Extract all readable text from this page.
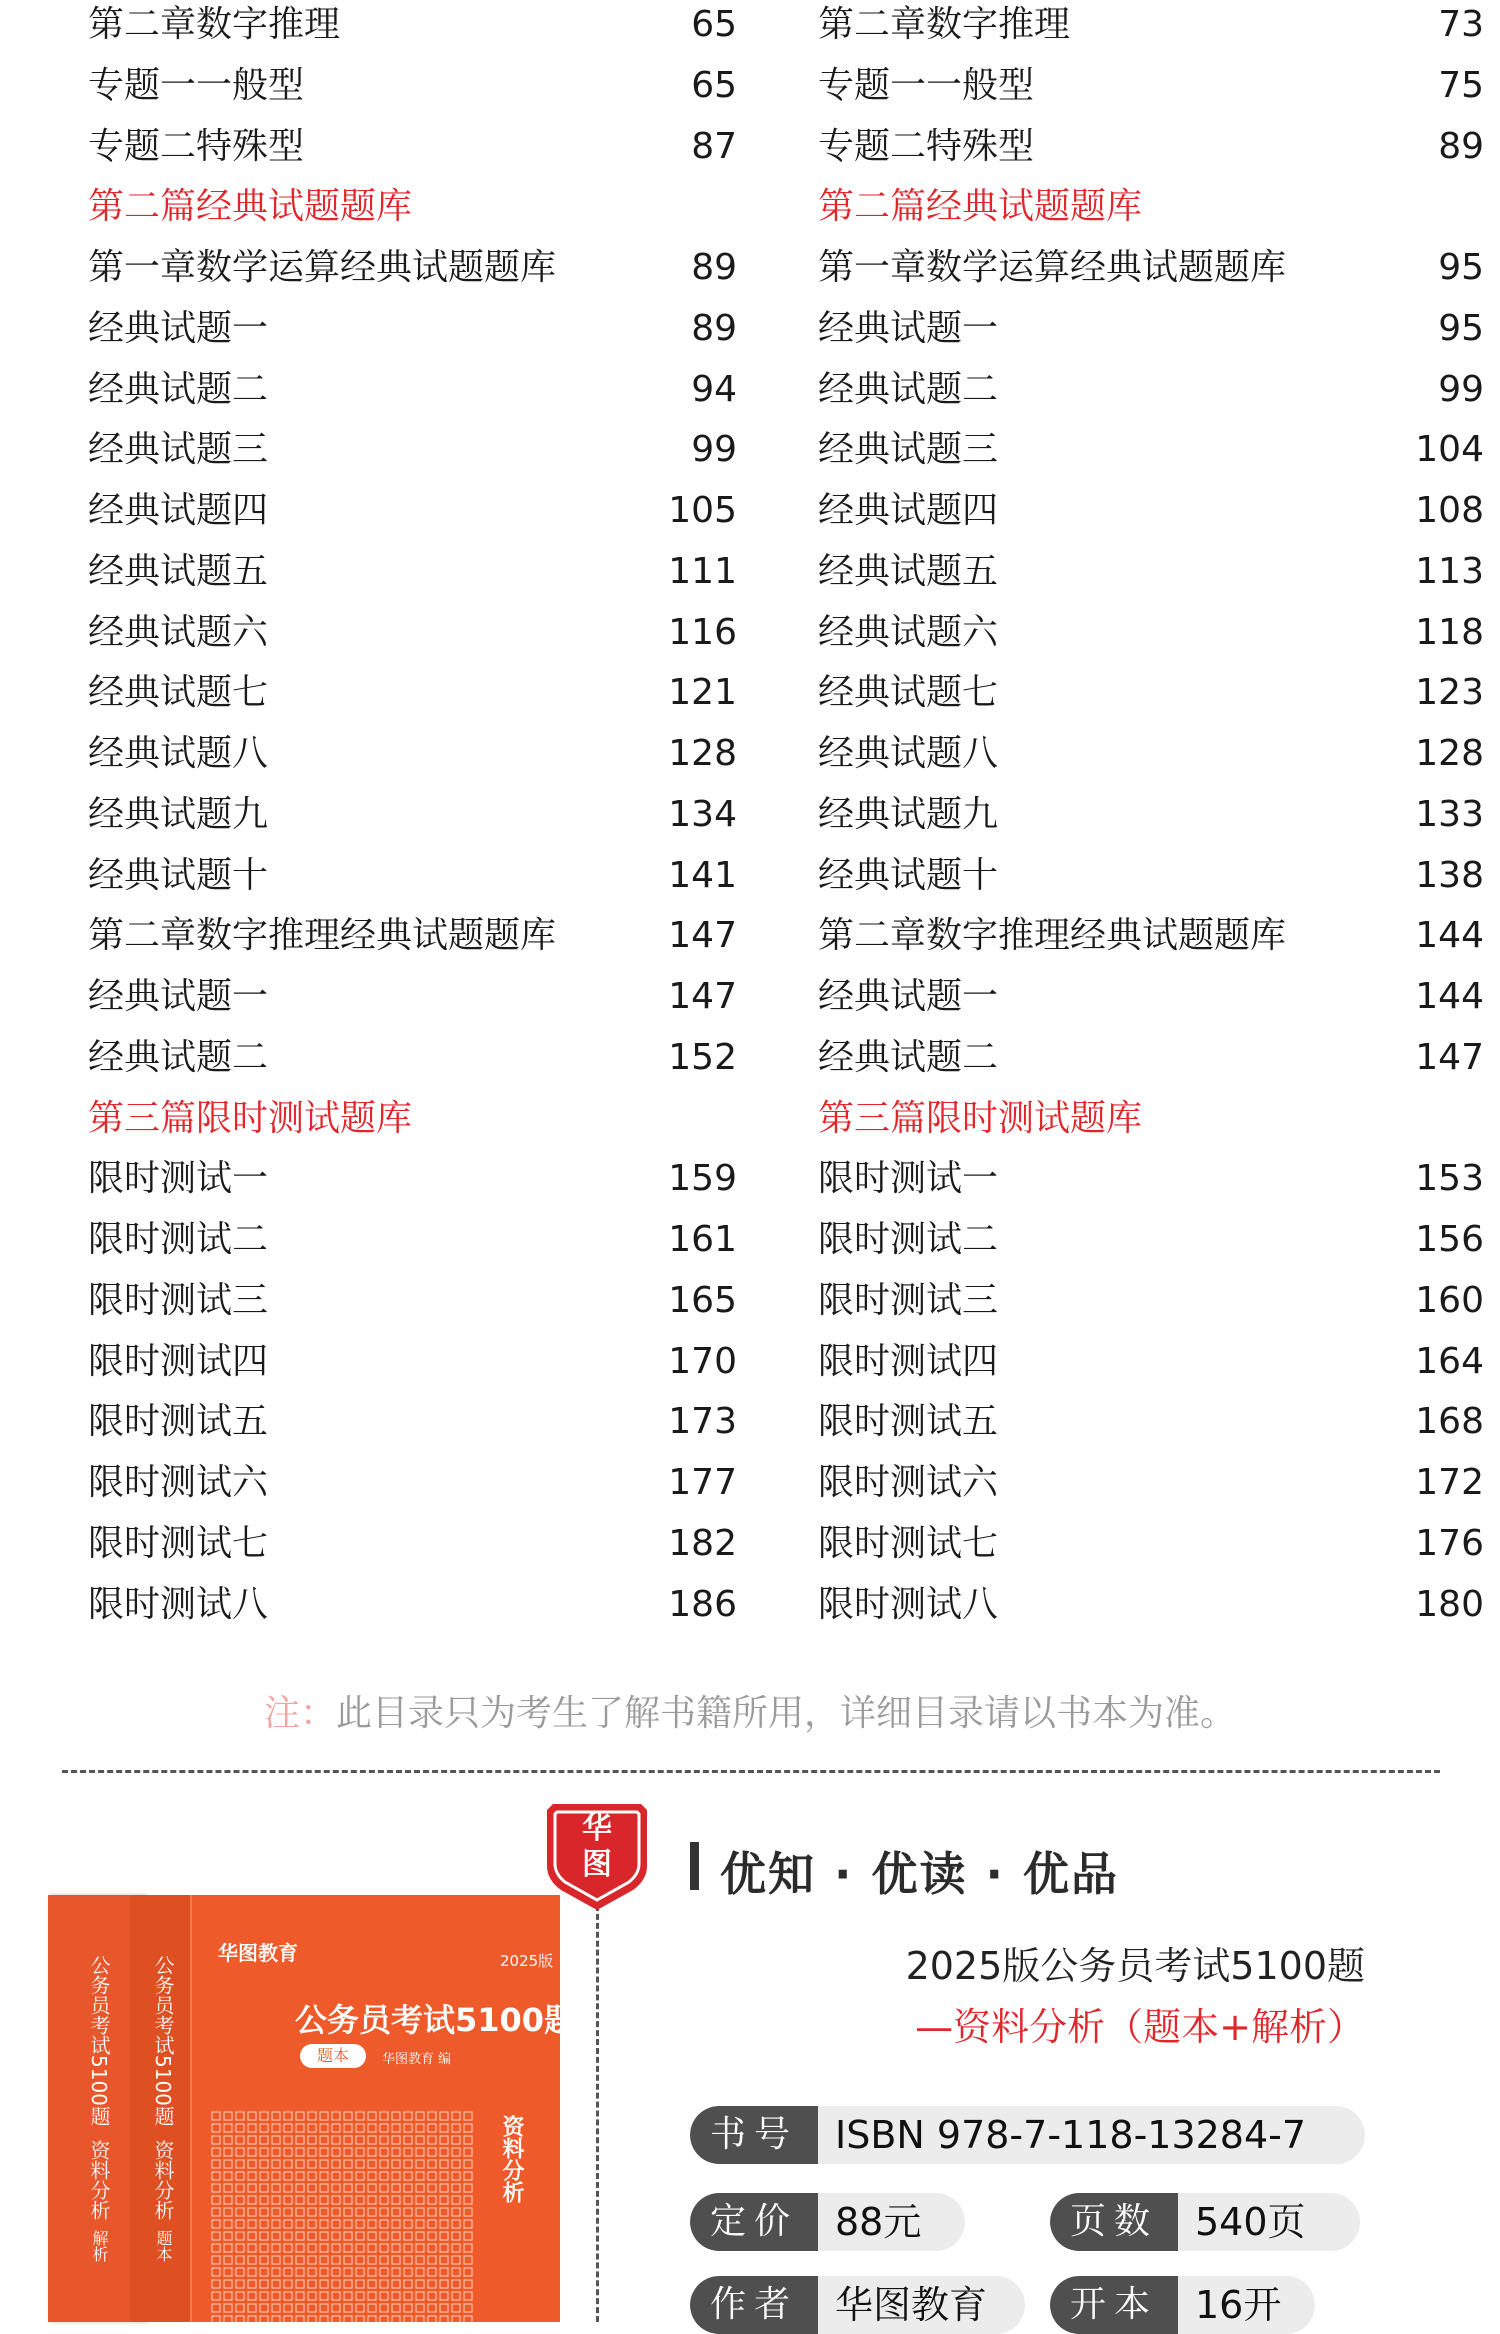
第二章数字推理	65
专题一一般型	65
专题二特殊型	87
第二篇经典试题题库
第一章数学运算经典试题题库	89
经典试题一	89
经典试题二	94
经典试题三	99
经典试题四	105
经典试题五	111
经典试题六	116
经典试题七	121
经典试题八	128
经典试题九	134
经典试题十	141
第二章数字推理经典试题题库	147
经典试题一	147
经典试题二	152
第三篇限时测试题库
限时测试一	159
限时测试二	161
限时测试三	165
限时测试四	170
限时测试五	173
限时测试六	177
限时测试七	182
限时测试八	186
第二章数字推理	73
专题一一般型	75
专题二特殊型	89
第二篇经典试题题库
第一章数学运算经典试题题库	95
经典试题一	95
经典试题二	99
经典试题三	104
经典试题四	108
经典试题五	113
经典试题六	118
经典试题七	123
经典试题八	128
经典试题九	133
经典试题十	138
第二章数字推理经典试题题库	144
经典试题一	144
经典试题二	147
第三篇限时测试题库
限时测试一	153
限时测试二	156
限时测试三	160
限时测试四	164
限时测试五	168
限时测试六	172
限时测试七	176
限时测试八	180
注：此目录只为考生了解书籍所用，详细目录请以书本为准。
公务员考试5100题
资料分析
解析
公务员考试5100题
资料分析
题本
华图教育	2025版
公务员考试5100题
题本	华图教育 编
资料分析
华
图	优知 · 优读 · 优品
2025版公务员考试5100题
—资料分析（题本+解析）
书号 ISBN 978-7-118-13284-7
定价 88元	页数 540页
作者 华图教育	开本 16开
